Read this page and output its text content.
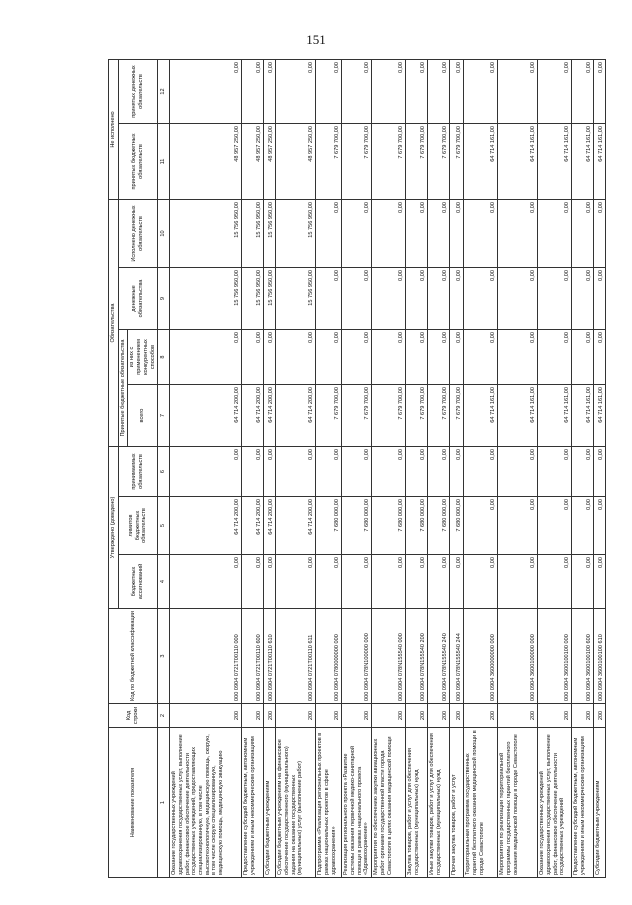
151
Наименование показателя	Код строки	Код по бюджетной классификации	Утверждено (доведено)			Обязательства				Не исполнено	
			бюджетных ассигнований	лимитов бюджетных обязательств	принимаемых обязательств	Принятые бюджетные обязательства		денежные обязательства	Исполнено денежных обязательств	принятых бюджетных обязательств	принятых денежных обязательств
						всего	из них с применением конкурентных способов				
1	2	3	4	5	6	7	8	9	10	11	12
Оказание государственных учреждений здравоохранения государственных услуг, выполнение работ, финансовое обеспечение деятельности государственных учреждений, предоставляющих специализированную, в том числе высокотехнологичную, медицинскую помощь, скорую, в том числе скорую специализированную, медицинскую помощь, медицинскую эвакуацию	200	000 0904 0721Т00110 000	0,00	64 714 200,00	0,00	64 714 200,00	0,00	15 756 950,00	15 756 950,00	48 957 250,00	0,00
Предоставление субсидий бюджетным, автономным учреждениям и иным некоммерческим организациям	200	000 0904 0721Т00110 600	0,00	64 714 200,00	0,00	64 714 200,00	0,00	15 756 950,00	15 756 950,00	48 957 250,00	0,00
Субсидии бюджетным учреждениям	200	000 0904 0721Т00110 610	0,00	64 714 200,00	0,00	64 714 200,00	0,00	15 756 950,00	15 756 950,00	48 957 250,00	0,00
Субсидии бюджетным учреждениям на финансовое обеспечение государственного (муниципального) задания на оказание государственных (муниципальных) услуг (выполнение работ)	200	000 0904 0721Т00110 611	0,00	64 714 200,00	0,00	64 714 200,00	0,00	15 756 950,00	15 756 950,00	48 957 250,00	0,00
Подпрограмма «Реализация региональных проектов в рамках национальных проектов в сфере здравоохранения»	200	000 0904 0780000000 000	0,00	7 680 000,00	0,00	7 679 700,00	0,00	0,00	0,00	7 679 700,00	0,00
Реализация регионального проекта «Развитие системы оказания первичной медико-санитарной помощи в рамках национального проекта «Здравоохранение»	200	000 0904 078N100000 000	0,00	7 680 000,00	0,00	7 679 700,00	0,00	0,00	0,00	7 679 700,00	0,00
Мероприятия по обеспечению закупки авиационных работ органами государственной власти города Севастополя в целях оказания медицинской помощи	200	000 0904 078N155540 000	0,00	7 680 000,00	0,00	7 679 700,00	0,00	0,00	0,00	7 679 700,00	0,00
Закупка товаров, работ и услуг для обеспечения государственных (муниципальных) нужд	200	000 0904 078N155540 200	0,00	7 680 000,00	0,00	7 679 700,00	0,00	0,00	0,00	7 679 700,00	0,00
Иные закупки товаров, работ и услуг для обеспечения государственных (муниципальных) нужд	200	000 0904 078N155540 240	0,00	7 680 000,00	0,00	7 679 700,00	0,00	0,00	0,00	7 679 700,00	0,00
Прочая закупка товаров, работ и услуг	200	000 0904 078N155540 244	0,00	7 680 000,00	0,00	7 679 700,00	0,00	0,00	0,00	7 679 700,00	0,00
Территориальная программа государственных гарантий бесплатного оказания медицинской помощи в городе Севастополе	200	000 0904 3600000000 000	0,00	0,00	0,00	64 714 161,00	0,00	0,00	0,00	64 714 161,00	0,00
Мероприятия по реализации территориальной программы государственных гарантий бесплатного оказания медицинской помощи в городе Севастополе	200	000 0904 3600100000 000	0,00	0,00	0,00	64 714 161,00	0,00	0,00	0,00	64 714 161,00	0,00
Оказание государственных учреждений здравоохранения государственных услуг, выполнение работ, финансовое обеспечение деятельности государственных учреждений	200	000 0904 3600100100 000	0,00	0,00	0,00	64 714 161,00	0,00	0,00	0,00	64 714 161,00	0,00
Предоставление субсидий бюджетным, автономным учреждениям и иным некоммерческим организациям	200	000 0904 3600100100 600	0,00	0,00	0,00	64 714 161,00	0,00	0,00	0,00	64 714 161,00	0,00
Субсидии бюджетным учреждениям	200	000 0904 3600100100 610	0,00	0,00	0,00	64 714 161,00	0,00	0,00	0,00	64 714 161,00	0,00
